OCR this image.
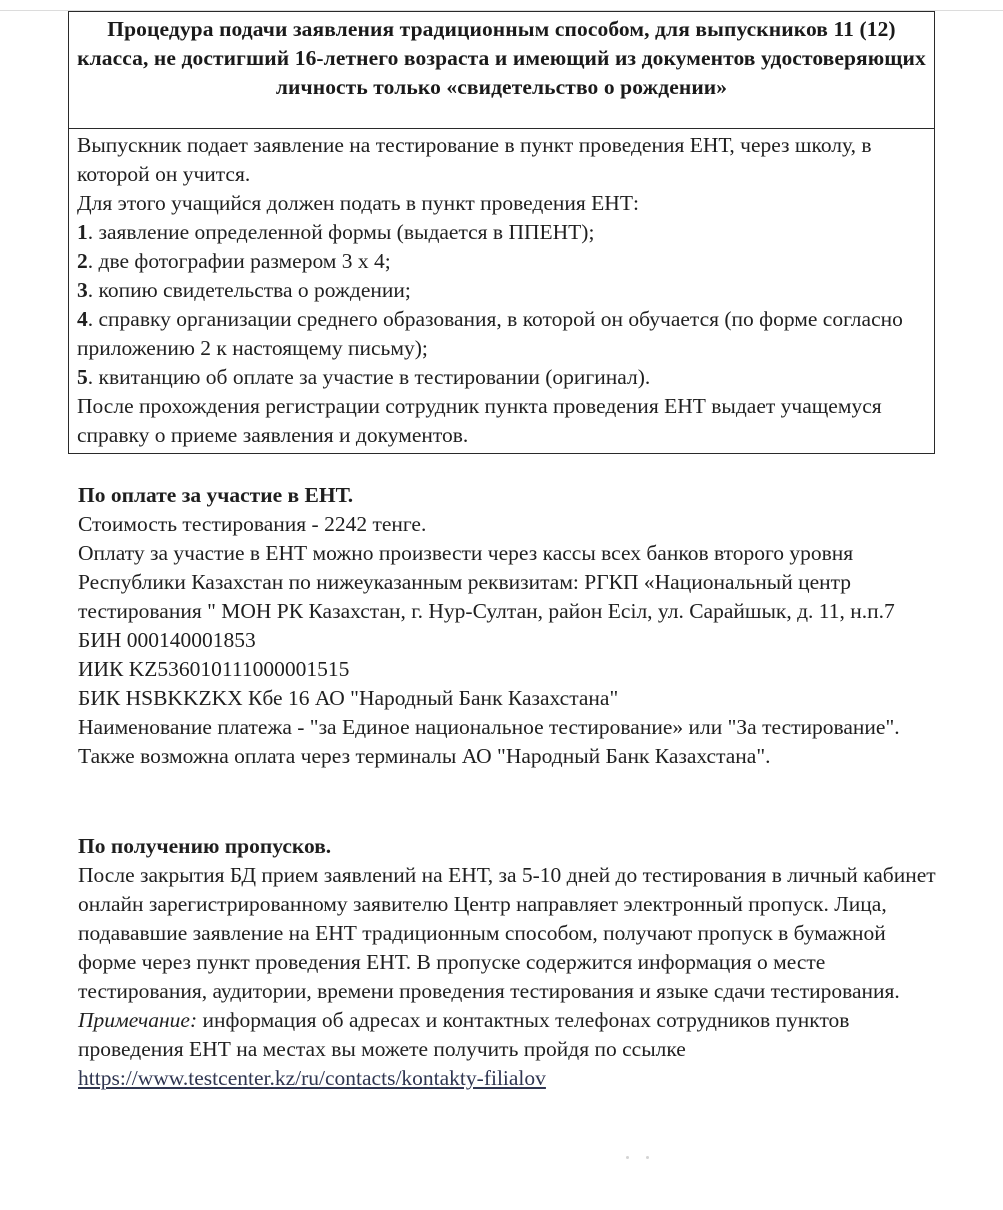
Процедура подачи заявления традиционным способом, для выпускников 11 (12) класса, не достигший 16-летнего возраста и имеющий из документов удостоверяющих личность только «свидетельство о рождении»

Выпускник подает заявление на тестирование в пункт проведения ЕНТ, через школу, в которой он учится.

Для этого учащийся должен подать в пункт проведения ЕНТ:

1. заявление определенной формы (выдается в ППЕНТ);

2. две фотографии размером 3 х 4;

3. копию свидетельства о рождении;

4. справку организации среднего образования, в которой он обучается (по форме согласно приложению 2 к настоящему письму);

5. квитанцию об оплате за участие в тестировании (оригинал).

После прохождения регистрации сотрудник пункта проведения ЕНТ выдает учащемуся справку о приеме заявления и документов.

По оплате за участие в ЕНТ.

Стоимость тестирования - 2242 тенге.

Оплату за участие в ЕНТ можно произвести через кассы всех банков второго уровня Республики Казахстан по нижеуказанным реквизитам: РГКП «Национальный центр тестирования " МОН РК Казахстан, г. Нур-Султан, район Есіл, ул. Сарайшык, д. 11, н.п.7 БИН 000140001853

ИИК KZ536010111000001515

БИК HSBKKZKX Кбе 16 АО "Народный Банк Казахстана"

Наименование платежа - "за Единое национальное тестирование» или "За тестирование".

Также возможна оплата через терминалы АО "Народный Банк Казахстана".

По получению пропусков.

После закрытия БД прием заявлений на ЕНТ, за 5-10 дней до тестирования в личный кабинет онлайн зарегистрированному заявителю Центр направляет электронный пропуск. Лица, подававшие заявление на ЕНТ традиционным способом, получают пропуск в бумажной форме через пункт проведения ЕНТ. В пропуске содержится информация о месте тестирования, аудитории, времени проведения тестирования и языке сдачи тестирования.

Примечание: информация об адресах и контактных телефонах сотрудников пунктов проведения ЕНТ на местах вы можете получить пройдя по ссылке https://www.testcenter.kz/ru/contacts/kontakty-filialov
